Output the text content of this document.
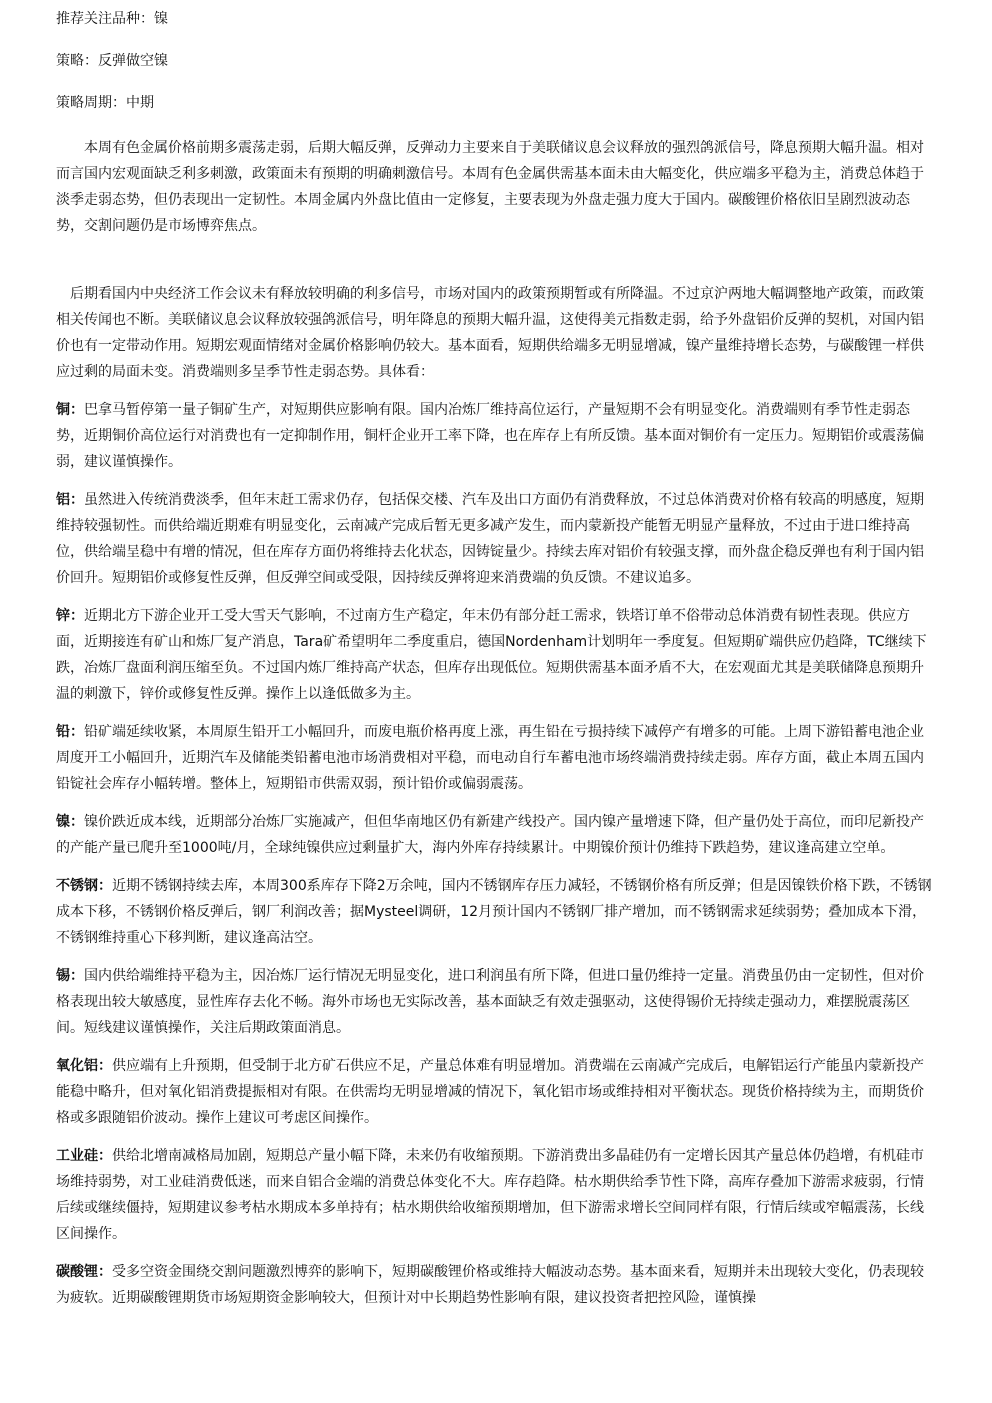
推荐关注品种：镍
策略：反弹做空镍
策略周期：中期

本周有色金属价格前期多震荡走弱，后期大幅反弹，反弹动力主要来自于美联储议息会议释放的强烈鸽派信号，降息预期大幅升温。相对而言国内宏观面缺乏利多刺激，政策面未有预期的明确刺激信号。本周有色金属供需基本面未由大幅变化，供应端多平稳为主，消费总体趋于淡季走弱态势，但仍表现出一定韧性。本周金属内外盘比值由一定修复，主要表现为外盘走强力度大于国内。碳酸锂价格依旧呈剧烈波动态势，交割问题仍是市场博弈焦点。

后期看国内中央经济工作会议未有释放较明确的利多信号，市场对国内的政策预期暂或有所降温。不过京沪两地大幅调整地产政策，而政策相关传闻也不断。美联储议息会议释放较强鸽派信号，明年降息的预期大幅升温，这使得美元指数走弱，给予外盘铝价反弹的契机，对国内铝价也有一定带动作用。短期宏观面情绪对金属价格影响仍较大。基本面看，短期供给端多无明显增减，镍产量维持增长态势，与碳酸锂一样供应过剩的局面未变。消费端则多呈季节性走弱态势。具体看：

铜：巴拿马暂停第一量子铜矿生产，对短期供应影响有限。国内冶炼厂维持高位运行，产量短期不会有明显变化。消费端则有季节性走弱态势，近期铜价高位运行对消费也有一定抑制作用，铜杆企业开工率下降，也在库存上有所反馈。基本面对铜价有一定压力。短期铝价或震荡偏弱，建议谨慎操作。

铝：虽然进入传统消费淡季，但年末赶工需求仍存，包括保交楼、汽车及出口方面仍有消费释放，不过总体消费对价格有较高的明感度，短期维持较强韧性。而供给端近期难有明显变化，云南减产完成后暂无更多减产发生，而内蒙新投产能暂无明显产量释放，不过由于进口维持高位，供给端呈稳中有增的情况，但在库存方面仍将维持去化状态，因铸锭量少。持续去库对铝价有较强支撑，而外盘企稳反弹也有利于国内铝价回升。短期铝价或修复性反弹，但反弹空间或受限，因持续反弹将迎来消费端的负反馈。不建议追多。

锌：近期北方下游企业开工受大雪天气影响，不过南方生产稳定，年末仍有部分赶工需求，铁塔订单不俗带动总体消费有韧性表现。供应方面，近期接连有矿山和炼厂复产消息，Tara矿希望明年二季度重启，德国Nordenham计划明年一季度复。但短期矿端供应仍趋降，TC继续下跌，冶炼厂盘面利润压缩至负。不过国内炼厂维持高产状态，但库存出现低位。短期供需基本面矛盾不大，在宏观面尤其是美联储降息预期升温的刺激下，锌价或修复性反弹。操作上以逢低做多为主。

铅：铅矿端延续收紧，本周原生铅开工小幅回升，而废电瓶价格再度上涨，再生铅在亏损持续下减停产有增多的可能。上周下游铅蓄电池企业周度开工小幅回升，近期汽车及储能类铅蓄电池市场消费相对平稳，而电动自行车蓄电池市场终端消费持续走弱。库存方面，截止本周五国内铅锭社会库存小幅转增。整体上，短期铅市供需双弱，预计铅价或偏弱震荡。

镍：镍价跌近成本线，近期部分冶炼厂实施减产，但但华南地区仍有新建产线投产。国内镍产量增速下降，但产量仍处于高位，而印尼新投产的产能产量已爬升至1000吨/月，全球纯镍供应过剩量扩大，海内外库存持续累计。中期镍价预计仍维持下跌趋势，建议逢高建立空单。

不锈钢：近期不锈钢持续去库，本周300系库存下降2万余吨，国内不锈钢库存压力减轻，不锈钢价格有所反弹；但是因镍铁价格下跌，不锈钢成本下移，不锈钢价格反弹后，钢厂利润改善；据Mysteel调研，12月预计国内不锈钢厂排产增加，而不锈钢需求延续弱势；叠加成本下滑，不锈钢维持重心下移判断，建议逢高沽空。

锡：国内供给端维持平稳为主，因冶炼厂运行情况无明显变化，进口利润虽有所下降，但进口量仍维持一定量。消费虽仍由一定韧性，但对价格表现出较大敏感度，显性库存去化不畅。海外市场也无实际改善，基本面缺乏有效走强驱动，这使得锡价无持续走强动力，难摆脱震荡区间。短线建议谨慎操作，关注后期政策面消息。

氧化铝：供应端有上升预期，但受制于北方矿石供应不足，产量总体难有明显增加。消费端在云南减产完成后，电解铝运行产能虽内蒙新投产能稳中略升，但对氧化铝消费提振相对有限。在供需均无明显增减的情况下，氧化铝市场或维持相对平衡状态。现货价格持续为主，而期货价格或多跟随铝价波动。操作上建议可考虑区间操作。

工业硅：供给北增南减格局加剧，短期总产量小幅下降，未来仍有收缩预期。下游消费出多晶硅仍有一定增长因其产量总体仍趋增，有机硅市场维持弱势，对工业硅消费低迷，而来自铝合金端的消费总体变化不大。库存趋降。枯水期供给季节性下降，高库存叠加下游需求疲弱，行情后续或继续僵持，短期建议参考枯水期成本多单持有；枯水期供给收缩预期增加，但下游需求增长空间同样有限，行情后续或窄幅震荡，长线区间操作。

碳酸锂：受多空资金围绕交割问题激烈博弈的影响下，短期碳酸锂价格或维持大幅波动态势。基本面来看，短期并未出现较大变化，仍表现较为疲软。近期碳酸锂期货市场短期资金影响较大，但预计对中长期趋势性影响有限，建议投资者把控风险，谨慎操
